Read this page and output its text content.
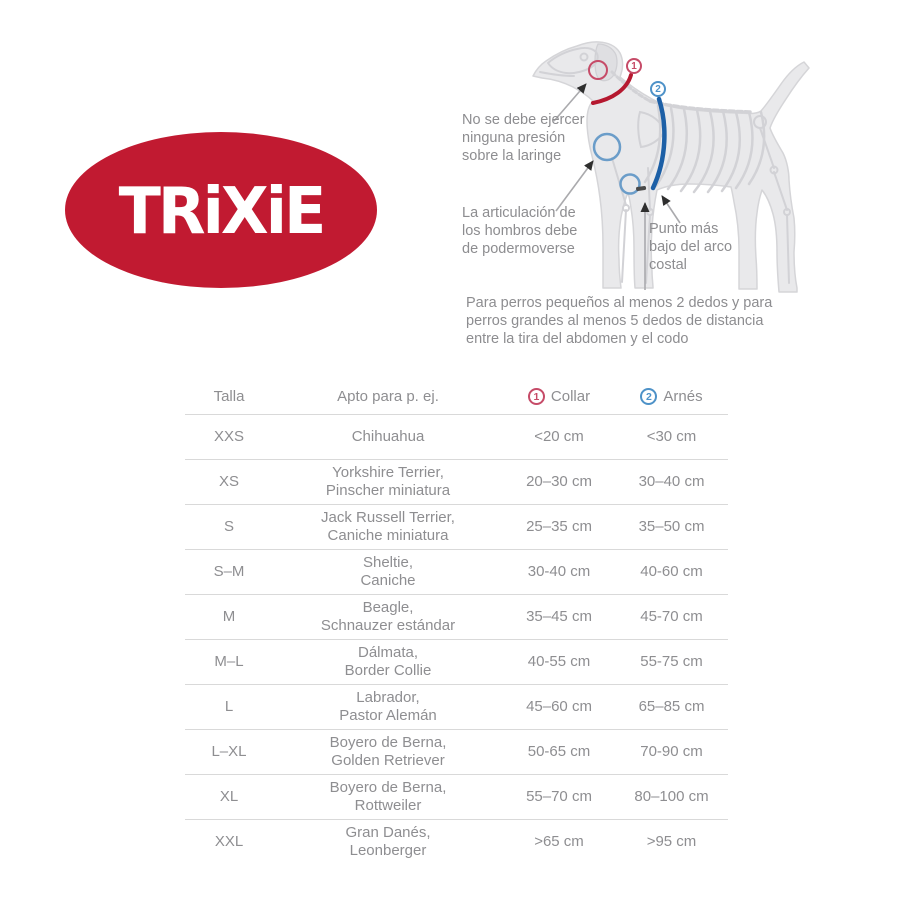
TRiXiE
1
2
No se debe ejercer
ninguna presión
sobre la laringe
La articulación de
los hombros debe
de podermoverse
Punto más
bajo del arco
costal
Para perros pequeños al menos 2 dedos y para
perros grandes al menos 5 dedos de distancia
entre la tira del abdomen y el codo
Talla	Apto para p. ej.	1 Collar	2 Arnés

XXS	Chihuahua	<20 cm	<30 cm
XS	Yorkshire Terrier,
Pinscher miniatura	20–30 cm	30–40 cm
S	Jack Russell Terrier,
Caniche miniatura	25–35 cm	35–50 cm
S–M	Sheltie,
Caniche	30-40 cm	40-60 cm
M	Beagle,
Schnauzer estándar	35–45 cm	45-70 cm
M–L	Dálmata,
Border Collie	40-55 cm	55-75 cm
L	Labrador,
Pastor Alemán	45–60 cm	65–85 cm
L–XL	Boyero de Berna,
Golden Retriever	50-65 cm	70-90 cm
XL	Boyero de Berna,
Rottweiler	55–70 cm	80–100 cm
XXL	Gran Danés,
Leonberger	>65 cm	>95 cm
